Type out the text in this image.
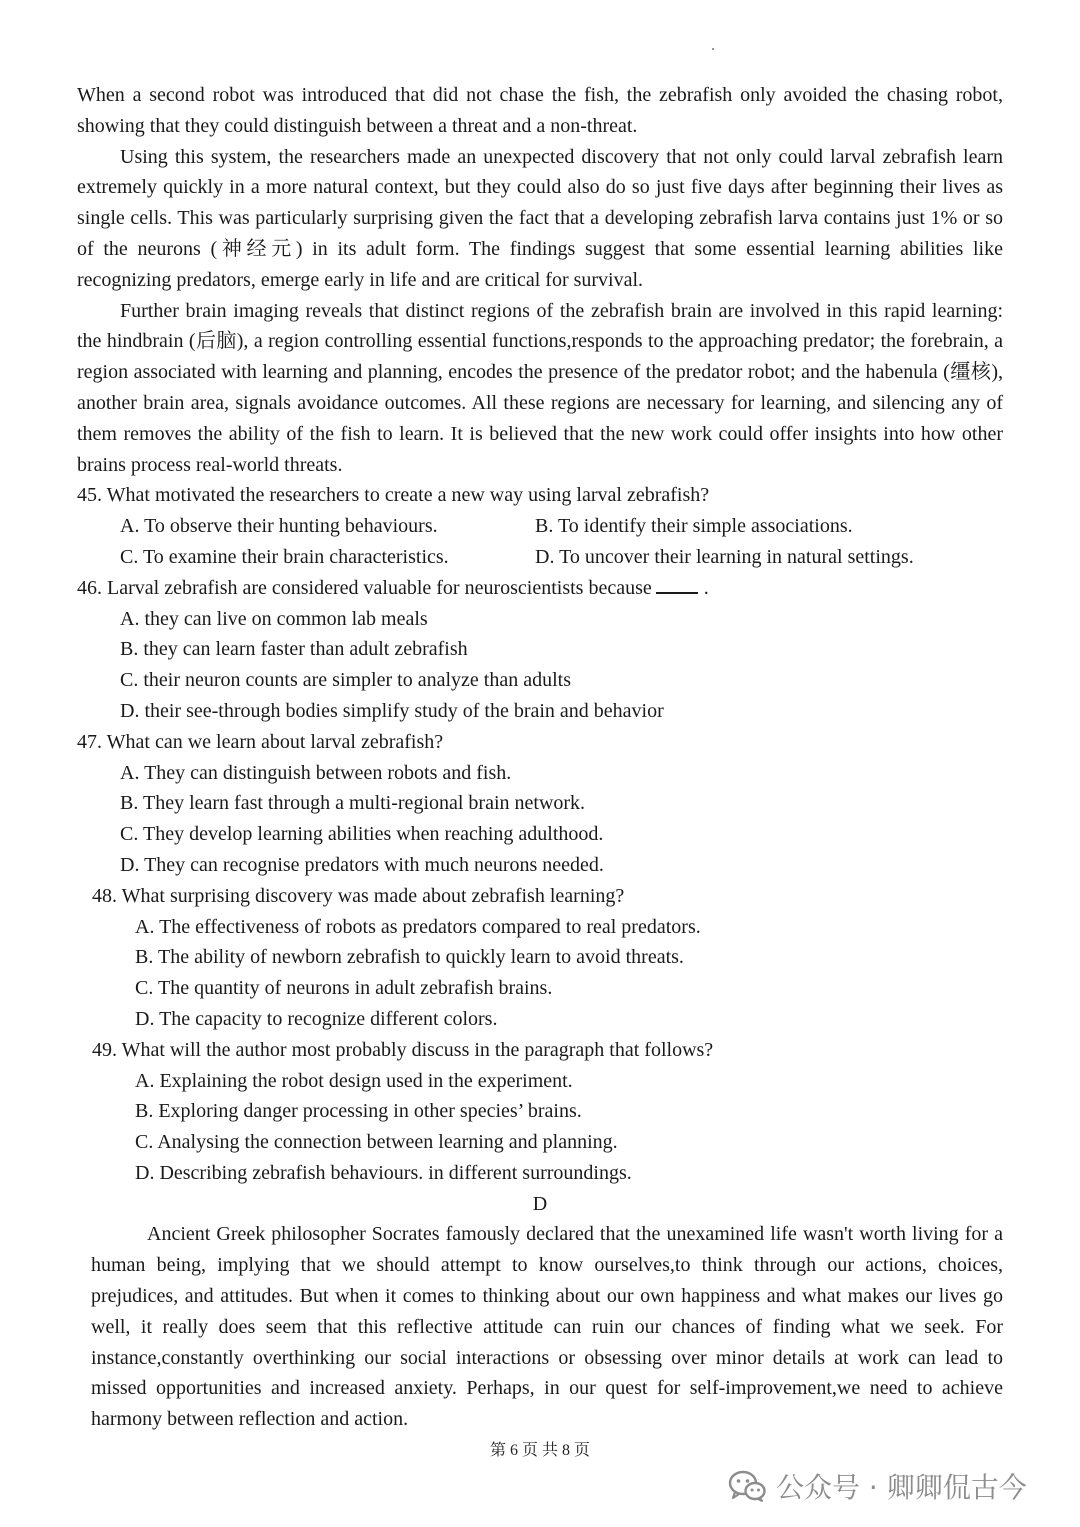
When a second robot was introduced that did not chase the fish, the zebrafish only avoided the chasing robot, showing that they could distinguish between a threat and a non-threat.

Using this system, the researchers made an unexpected discovery that not only could larval zebrafish learn extremely quickly in a more natural context, but they could also do so just five days after beginning their lives as single cells. This was particularly surprising given the fact that a developing zebrafish larva contains just 1% or so of the neurons (神经元) in its adult form. The findings suggest that some essential learning abilities like recognizing predators, emerge early in life and are critical for survival.

Further brain imaging reveals that distinct regions of the zebrafish brain are involved in this rapid learning: the hindbrain (后脑), a region controlling essential functions,responds to the approaching predator; the forebrain, a region associated with learning and planning, encodes the presence of the predator robot; and the habenula (缰核), another brain area, signals avoidance outcomes. All these regions are necessary for learning, and silencing any of them removes the ability of the fish to learn. It is believed that the new work could offer insights into how other brains process real-world threats.

45. What motivated the researchers to create a new way using larval zebrafish?

A. To observe their hunting behaviours.	B. To identify their simple associations.
C. To examine their brain characteristics.	D. To uncover their learning in natural settings.

46. Larval zebrafish are considered valuable for neuroscientists because	.

A. they can live on common lab meals
B. they can learn faster than adult zebrafish
C. their neuron counts are simpler to analyze than adults
D. their see-through bodies simplify study of the brain and behavior

47. What can we learn about larval zebrafish?

A. They can distinguish between robots and fish.
B. They learn fast through a multi-regional brain network.
C. They develop learning abilities when reaching adulthood.
D. They can recognise predators with much neurons needed.

48. What surprising discovery was made about zebrafish learning?

A. The effectiveness of robots as predators compared to real predators.
B. The ability of newborn zebrafish to quickly learn to avoid threats.
C. The quantity of neurons in adult zebrafish brains.
D. The capacity to recognize different colors.

49. What will the author most probably discuss in the paragraph that follows?

A. Explaining the robot design used in the experiment.
B. Exploring danger processing in other species’ brains.
C. Analysing the connection between learning and planning.
D. Describing zebrafish behaviours. in different surroundings.

D

Ancient Greek philosopher Socrates famously declared that the unexamined life wasn't worth living for a human being, implying that we should attempt to know ourselves,to think through our actions, choices, prejudices, and attitudes. But when it comes to thinking about our own happiness and what makes our lives go well, it really does seem that this reflective attitude can ruin our chances of finding what we seek. For instance,constantly overthinking our social interactions or obsessing over minor details at work can lead to missed opportunities and increased anxiety. Perhaps, in our quest for self-improvement,we need to achieve harmony between reflection and action.

第 6 页 共 8 页
公众号 · 卿卿侃古今
